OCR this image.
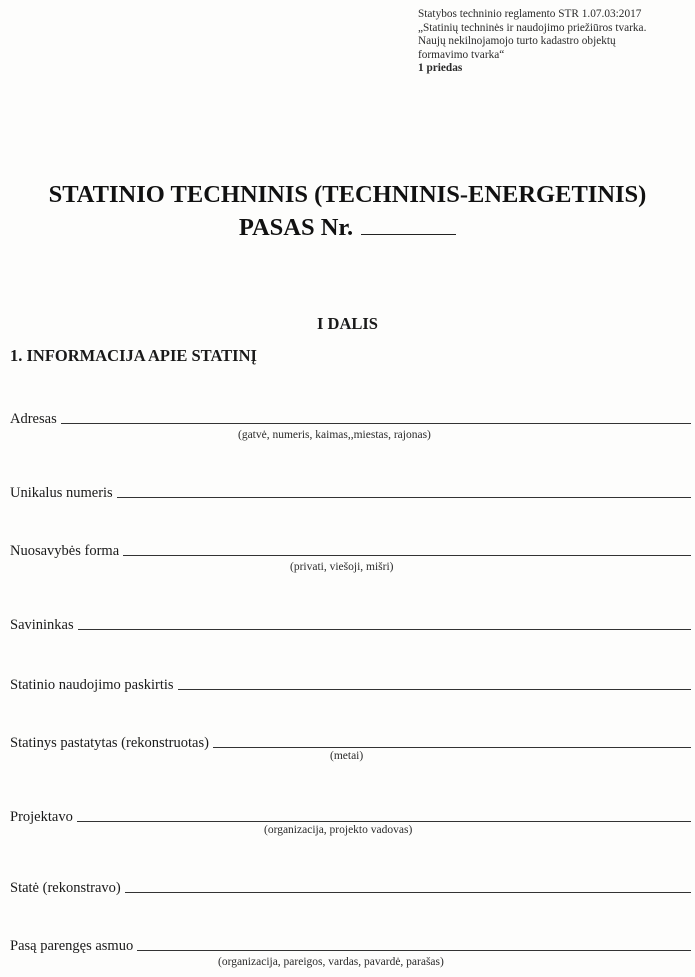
Statybos techninio reglamento STR 1.07.03:2017
„Statinių techninės ir naudojimo priežiūros tvarka.
Naujų nekilnojamojo turto kadastro objektų
formavimo tvarka“
1 priedas
STATINIO TECHNINIS (TECHNINIS-ENERGETINIS)
PASAS Nr.
I DALIS
1. INFORMACIJA APIE STATINĮ
Adresas
(gatvė, numeris, kaimas,,miestas, rajonas)
Unikalus numeris
Nuosavybės forma
(privati, viešoji, mišri)
Savininkas
Statinio naudojimo paskirtis
Statinys pastatytas (rekonstruotas)
(metai)
Projektavo
(organizacija, projekto vadovas)
Statė (rekonstravo)
Pasą parengęs asmuo
(organizacija, pareigos, vardas, pavardė, parašas)
